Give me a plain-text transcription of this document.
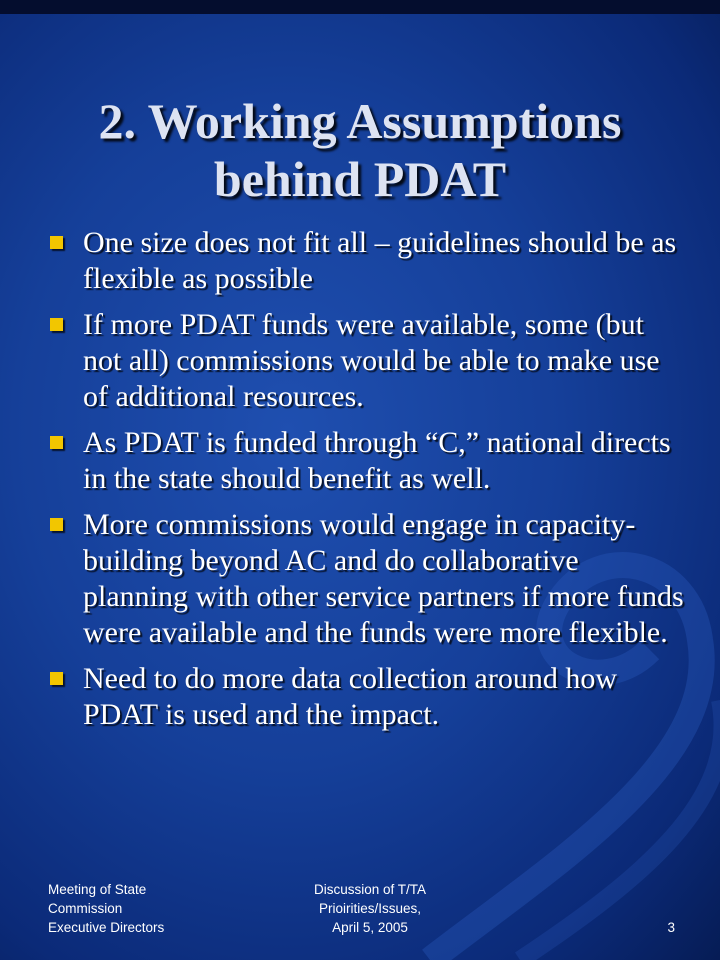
2. Working Assumptions
behind PDAT
One size does not fit all – guidelines should be as flexible as possible
If more PDAT funds were available, some (but not all) commissions would be able to make use of additional resources.
As PDAT is funded through “C,” national directs in the state should benefit as well.
More commissions would engage in capacity-building beyond AC and do collaborative planning with other service partners if more funds were available and the funds were more flexible.
Need to do more data collection around how PDAT is used and the impact.
Meeting of State
Commission
Executive Directors
Discussion of T/TA
Prioirities/Issues,
April 5, 2005	3
